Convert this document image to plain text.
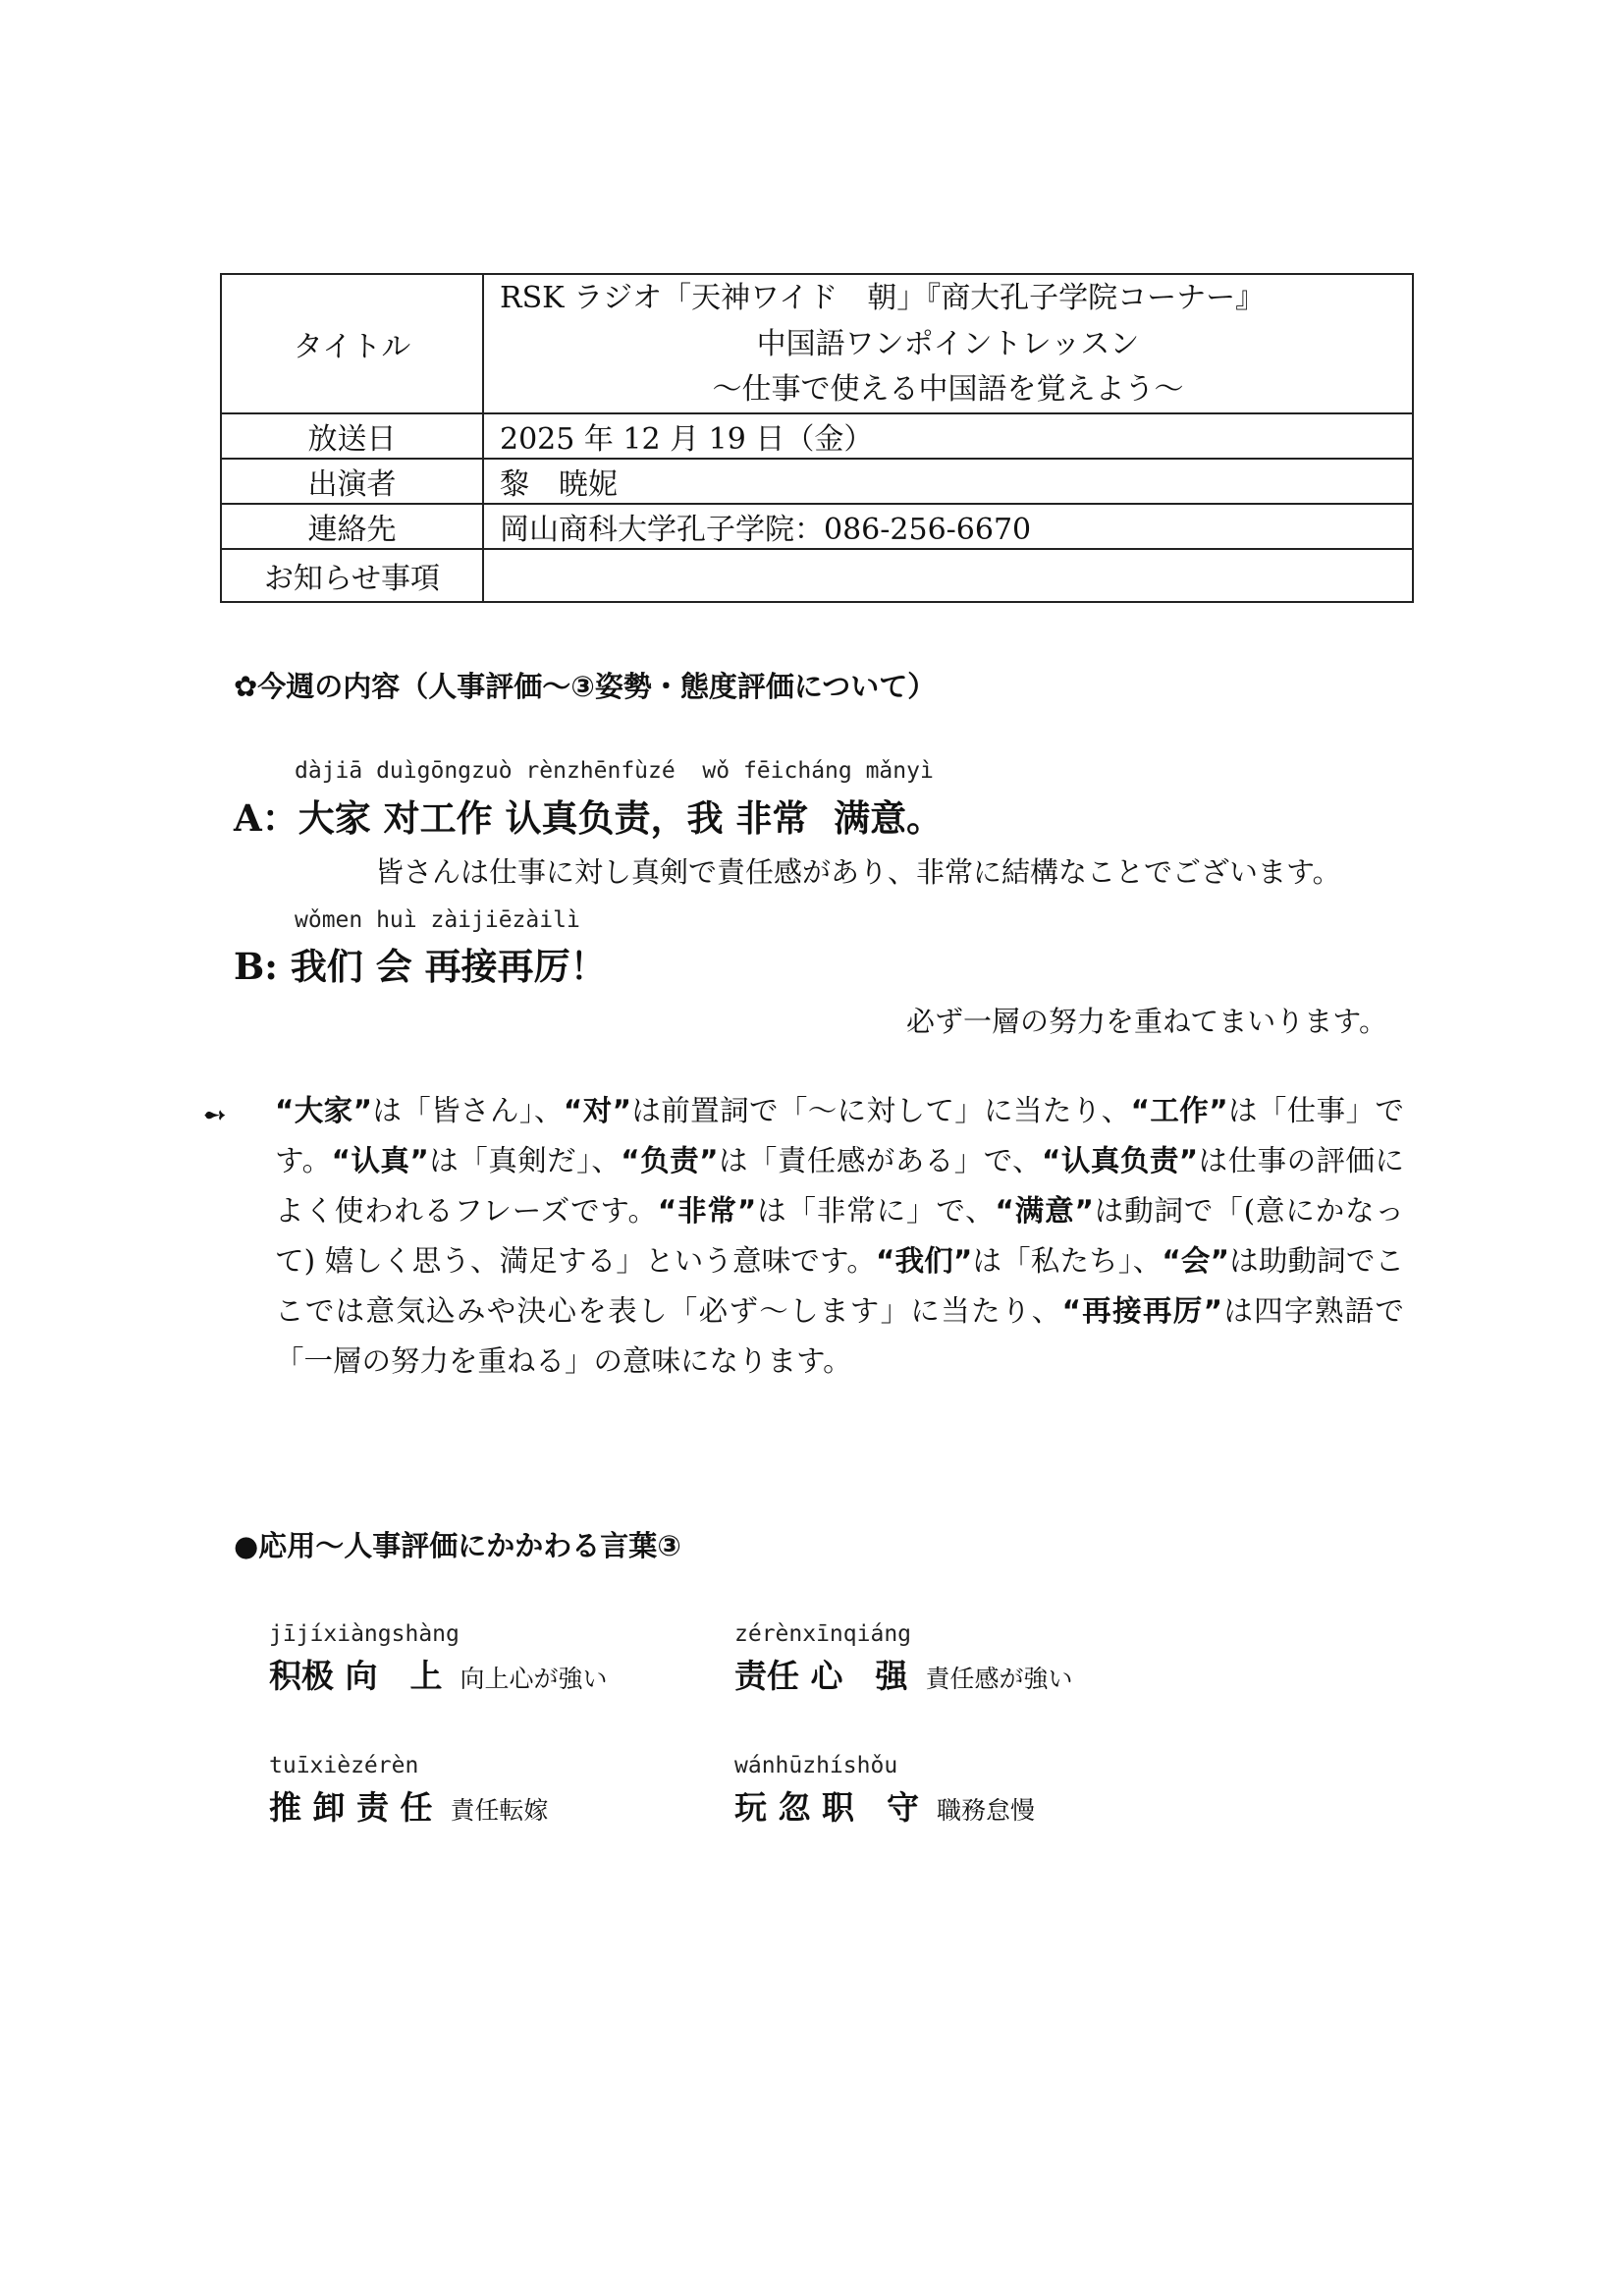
タイトル	RSK ラジオ「天神ワイド　朝」『商大孔子学院コーナー』
中国語ワンポイントレッスン
～仕事で使える中国語を覚えよう～

放送日	2025 年 12 月 19 日（金）
出演者	黎　暁妮
連絡先	岡山商科大学孔子学院：086-256-6670
お知らせ事項	
✿今週の内容（人事評価～③姿勢・態度評価について）
dàjiā duìgōngzuò rènzhēnfùzé  wǒ fēicháng mǎnyì
A：大家 对工作 认真负责，我 非常  满意。
皆さんは仕事に対し真剣で責任感があり、非常に結構なことでございます。
wǒmen huì zàijiēzàilì
B: 我们 会 再接再厉！
必ず一層の努力を重ねてまいります。
➻ “大家”は「皆さん」、“对”は前置詞で「～に対して」に当たり、“工作”は「仕事」です。“认真”は「真剣だ」、“负责”は「責任感がある」で、“认真负责”は仕事の評価によく使われるフレーズです。“非常”は「非常に」で、“满意”は動詞で「(意にかなって) 嬉しく思う、満足する」という意味です。“我们”は「私たち」、“会”は助動詞でここでは意気込みや決心を表し「必ず～します」に当たり、“再接再厉”は四字熟語で「一層の努力を重ねる」の意味になります。
●応用～人事評価にかかわる言葉③
jījíxiàngshàng
积极 向　上 向上心が強い
zérènxīnqiáng
责任 心　强 責任感が強い
tuīxièzérèn
推 卸 责 任 責任転嫁
wánhūzhíshǒu
玩 忽 职　守 職務怠慢
